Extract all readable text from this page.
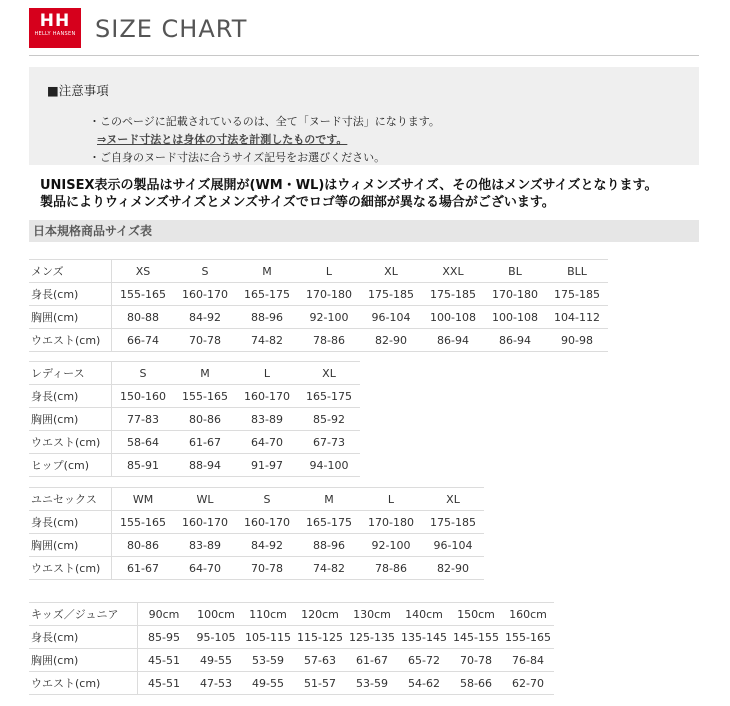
HH
HELLY HANSEN SIZE CHART
■注意事項
・このページに記載されているのは、全て「ヌード寸法」になります。
⇒ヌード寸法とは身体の寸法を計測したものです。
・ご自身のヌード寸法に合うサイズ記号をお選びください。
UNISEX表示の製品はサイズ展開が(WM・WL)はウィメンズサイズ、その他はメンズサイズとなります。
製品によりウィメンズサイズとメンズサイズでロゴ等の細部が異なる場合がございます。
日本規格商品サイズ表
メンズ	XS	S	M	L	XL	XXL	BL	BLL
身長(cm)	155-165	160-170	165-175	170-180	175-185	175-185	170-180	175-185
胸囲(cm)	80-88	84-92	88-96	92-100	96-104	100-108	100-108	104-112
ウエスト(cm)	66-74	70-78	74-82	78-86	82-90	86-94	86-94	90-98
レディース	S	M	L	XL
身長(cm)	150-160	155-165	160-170	165-175
胸囲(cm)	77-83	80-86	83-89	85-92
ウエスト(cm)	58-64	61-67	64-70	67-73
ヒップ(cm)	85-91	88-94	91-97	94-100
ユニセックス	WM	WL	S	M	L	XL
身長(cm)	155-165	160-170	160-170	165-175	170-180	175-185
胸囲(cm)	80-86	83-89	84-92	88-96	92-100	96-104
ウエスト(cm)	61-67	64-70	70-78	74-82	78-86	82-90
キッズ／ジュニア	90cm	100cm	110cm	120cm	130cm	140cm	150cm	160cm
身長(cm)	85-95	95-105	105-115	115-125	125-135	135-145	145-155	155-165
胸囲(cm)	45-51	49-55	53-59	57-63	61-67	65-72	70-78	76-84
ウエスト(cm)	45-51	47-53	49-55	51-57	53-59	54-62	58-66	62-70
